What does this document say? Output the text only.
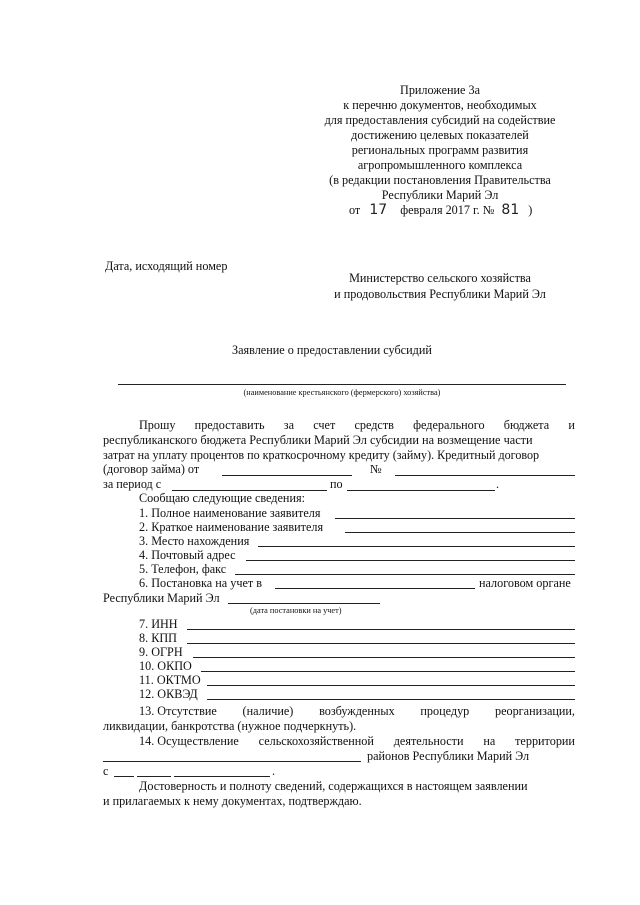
Приложение 3а
к перечню документов, необходимых
для предоставления субсидий на содействие
достижению целевых показателей
региональных программ развития
агропромышленного комплекса
(в редакции постановления Правительства
Республики Марий Эл
от 17 февраля 2017 г. № 81 )
Дата, исходящий номер
Министерство сельского хозяйства
и продовольствия Республики Марий Эл
Заявление о предоставлении субсидий
(наименование крестьянского (фермерского) хозяйства)
Прошу предоставить за счет средств федерального бюджета и
республиканского бюджета Республики Марий Эл субсидии на возмещение части
затрат на уплату процентов по краткосрочному кредиту (займу). Кредитный договор
(договор займа) от	№
за период с	по	.
Сообщаю следующие сведения:
1. Полное наименование заявителя
2. Краткое наименование заявителя
3. Место нахождения
4. Почтовый адрес
5. Телефон, факс
6. Постановка на учет в	налоговом органе
Республики Марий Эл
(дата постановки на учет)
7. ИНН
8. КПП
9. ОГРН
10. ОКПО
11. ОКТМО
12. ОКВЭД
13. Отсутствие (наличие) возбужденных процедур реорганизации,
ликвидации, банкротства (нужное подчеркнуть).
14. Осуществление сельскохозяйственной деятельности на территории
районов Республики Марий Эл
с	.
Достоверность и полноту сведений, содержащихся в настоящем заявлении
и прилагаемых к нему документах, подтверждаю.
